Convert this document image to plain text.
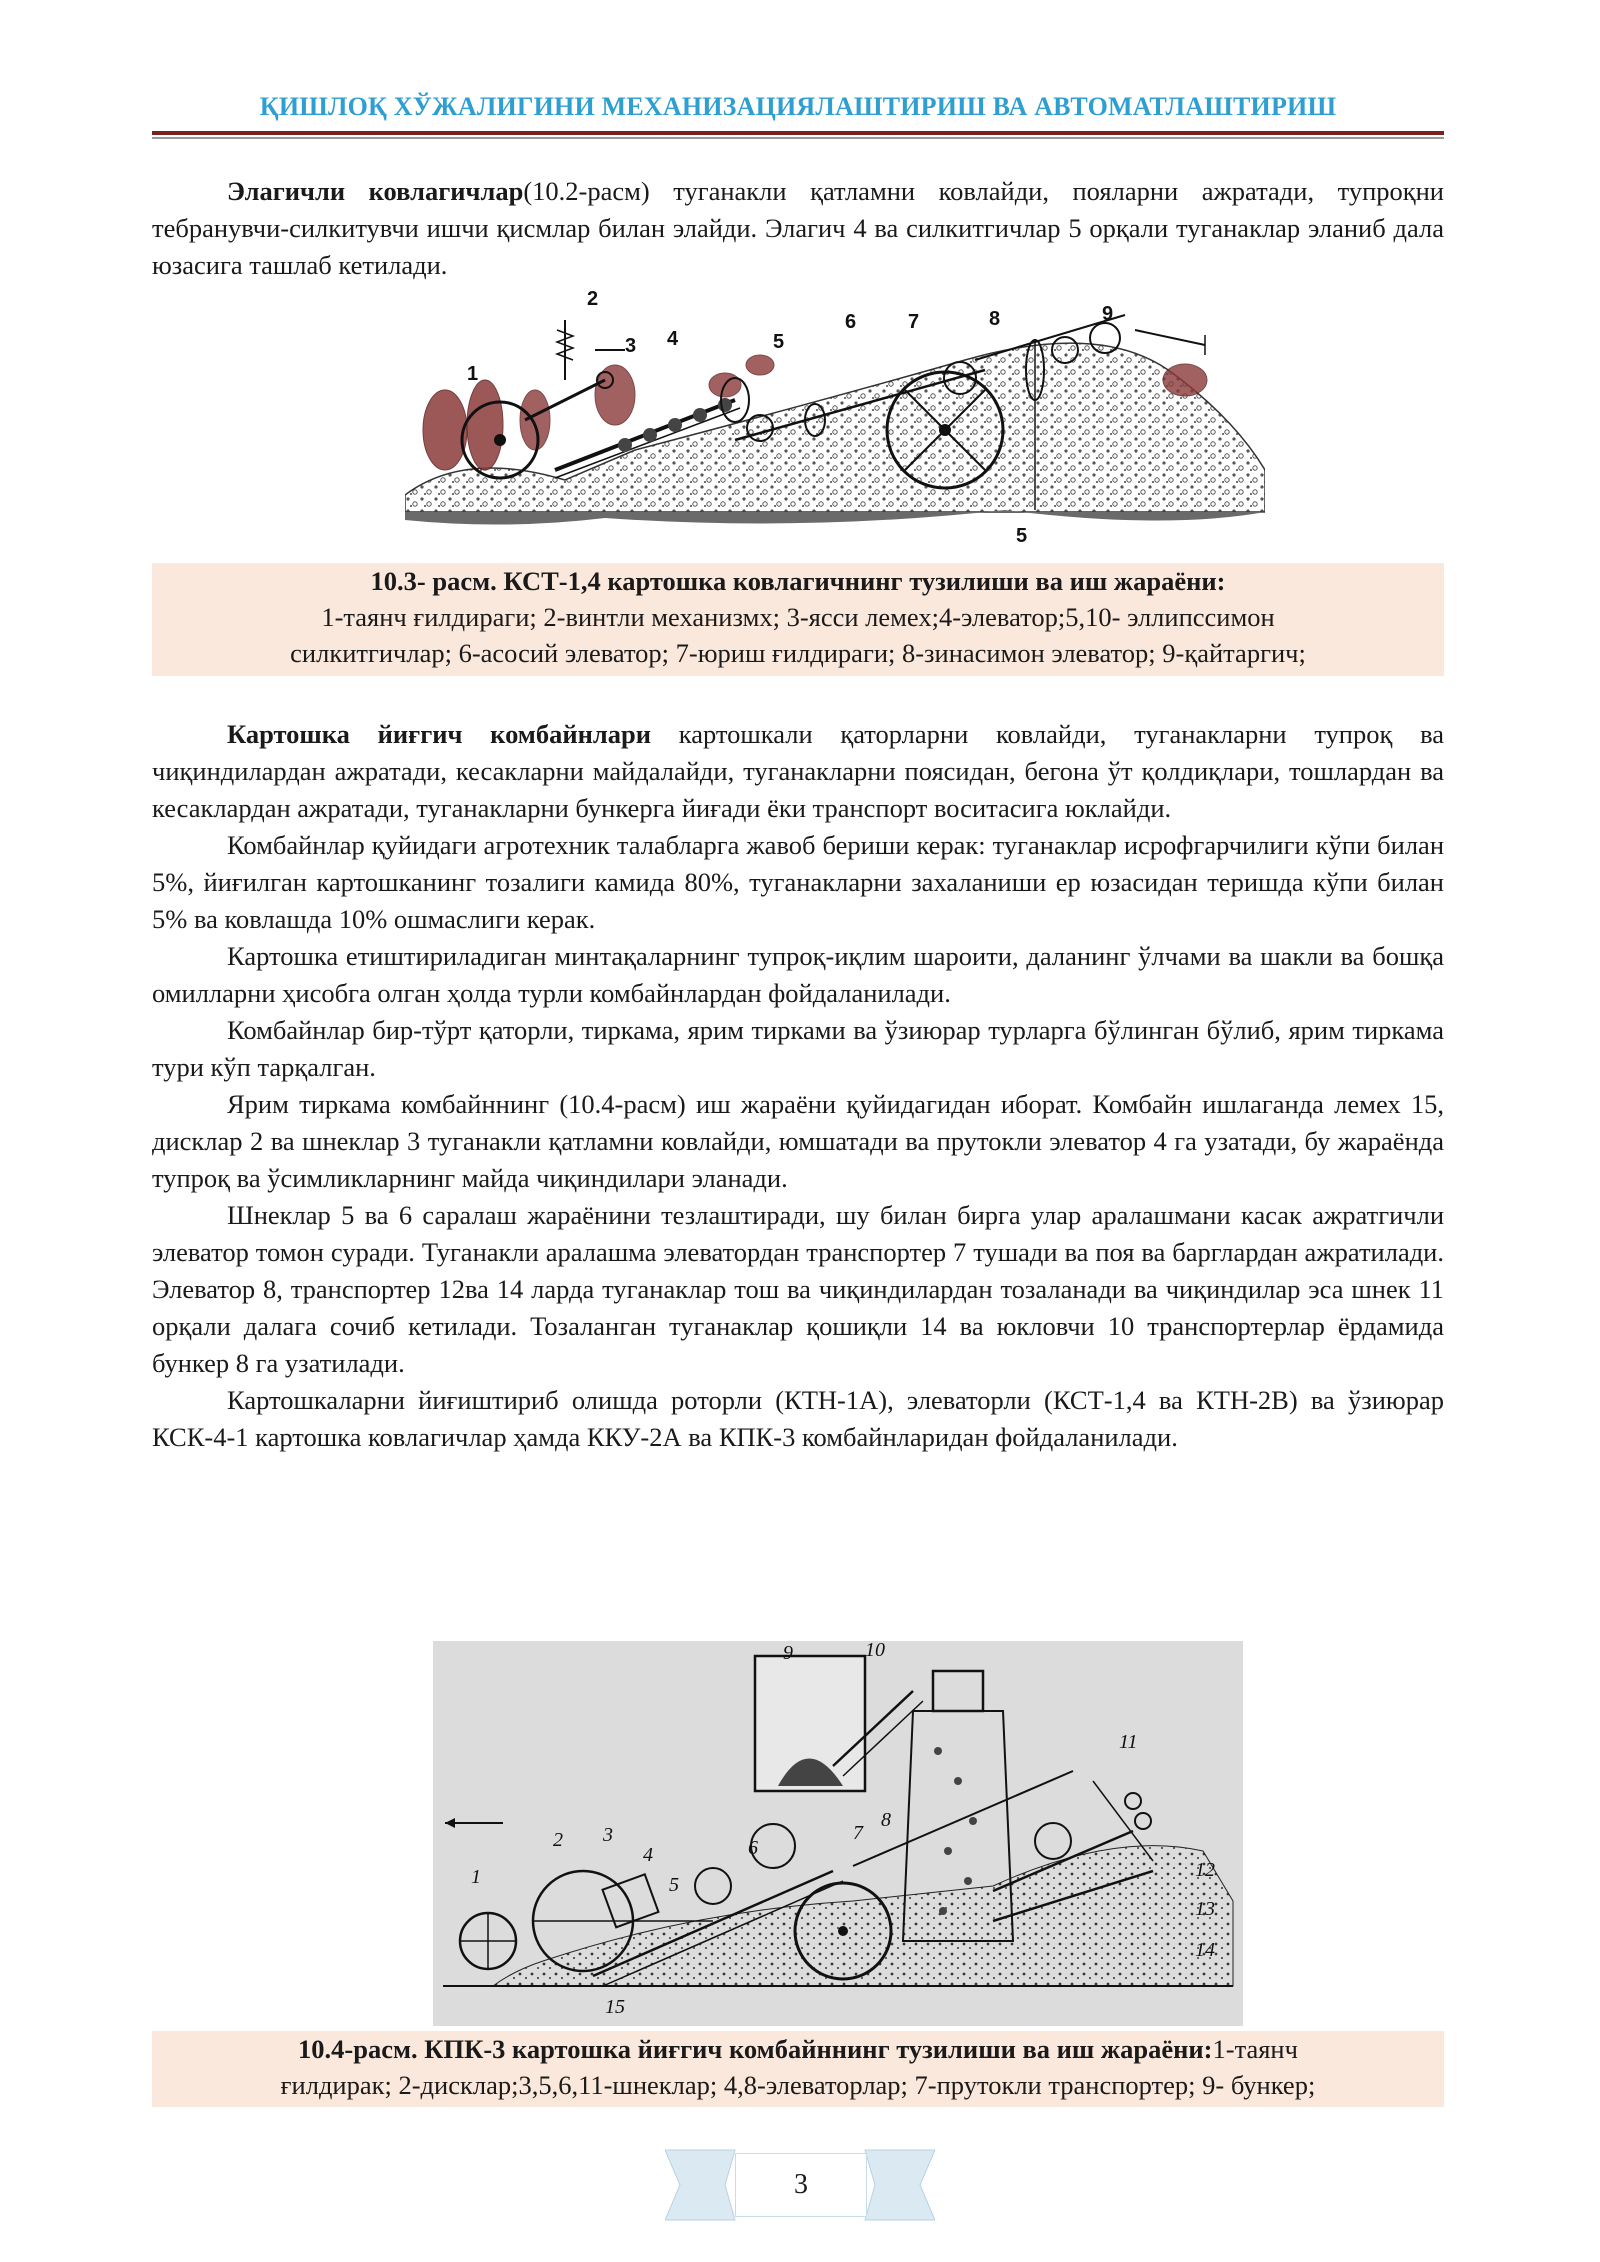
ҚИШЛОҚ ХЎЖАЛИГИНИ МЕХАНИЗАЦИЯЛАШТИРИШ ВА АВТОМАТЛАШТИРИШ

Элагичли ковлагичлар(10.2-расм) туганакли қатламни ковлайди, пояларни ажратади, тупроқни тебранувчи-силкитувчи ишчи қисмлар билан элайди. Элагич 4 ва силкитгичлар 5 орқали туганаклар эланиб дала юзасига ташлаб кетилади.

1
2
3 4	5
6	7	8	9
5
10.3- расм. КСТ-1,4 картошка ковлагичнинг тузилиши ва иш жараёни:
1-таянч ғилдираги; 2-винтли механизмх; 3-ясси лемех;4-элеватор;5,10- эллипссимон
силкитгичлар; 6-асосий элеватор; 7-юриш ғилдираги; 8-зинасимон элеватор; 9-қайтаргич;

Картошка йиғгич комбайнлари картошкали қаторларни ковлайди, туганакларни тупроқ ва чиқиндилардан ажратади, кесакларни майдалайди, туганакларни поясидан, бегона ўт қолдиқлари, тошлардан ва кесаклардан ажратади, туганакларни бункерга йиғади ёки транспорт воситасига юклайди.

Комбайнлар қуйидаги агротехник талабларга жавоб бериши керак: туганаклар исрофгарчилиги кўпи билан 5%, йиғилган картошканинг тозалиги камида 80%, туганакларни захаланиши ер юзасидан теришда кўпи билан 5% ва ковлашда 10% ошмаслиги керак.

Картошка етиштириладиган минтақаларнинг тупроқ-иқлим шароити, даланинг ўлчами ва шакли ва бошқа омилларни ҳисобга олган ҳолда турли комбайнлардан фойдаланилади.

Комбайнлар бир-тўрт қаторли, тиркама, ярим тирками ва ўзиюрар турларга бўлинган бўлиб, ярим тиркама тури кўп тарқалган.

Ярим тиркама комбайннинг (10.4-расм) иш жараёни қуйидагидан иборат. Комбайн ишлаганда лемех 15, дисклар 2 ва шнеклар 3 туганакли қатламни ковлайди, юмшатади ва прутокли элеватор 4 га узатади, бу жараёнда тупроқ ва ўсимликларнинг майда чиқиндилари эланади.

Шнеклар 5 ва 6 саралаш жараёнини тезлаштиради, шу билан бирга улар аралашмани касак ажратгичли элеватор томон суради. Туганакли аралашма элеватордан транспортер 7 тушади ва поя ва барглардан ажратилади. Элеватор 8, транспортер 12ва 14 ларда туганаклар тош ва чиқиндилардан тозаланади ва чиқиндилар эса шнек 11 орқали далага сочиб кетилади. Тозаланган туганаклар қошиқли 14 ва юкловчи 10 транспортерлар ёрдамида бункер 8 га узатилади.

Картошкаларни йиғиштириб олишда роторли (КТН-1А), элеваторли (КСТ-1,4 ва КТН-2В) ва ўзиюрар КСК-4-1 картошка ковлагичлар ҳамда ККУ-2А ва КПК-3 комбайнларидан фойдаланилади.

1
2 3
4
5
6
7
8
9	10
11
12
13
14
15
10.4-расм. КПК-3 картошка йиғгич комбайннинг тузилиши ва иш жараёни:1-таянч
ғилдирак; 2-дисклар;3,5,6,11-шнеклар; 4,8-элеваторлар; 7-прутокли транспортер; 9- бункер;
3
